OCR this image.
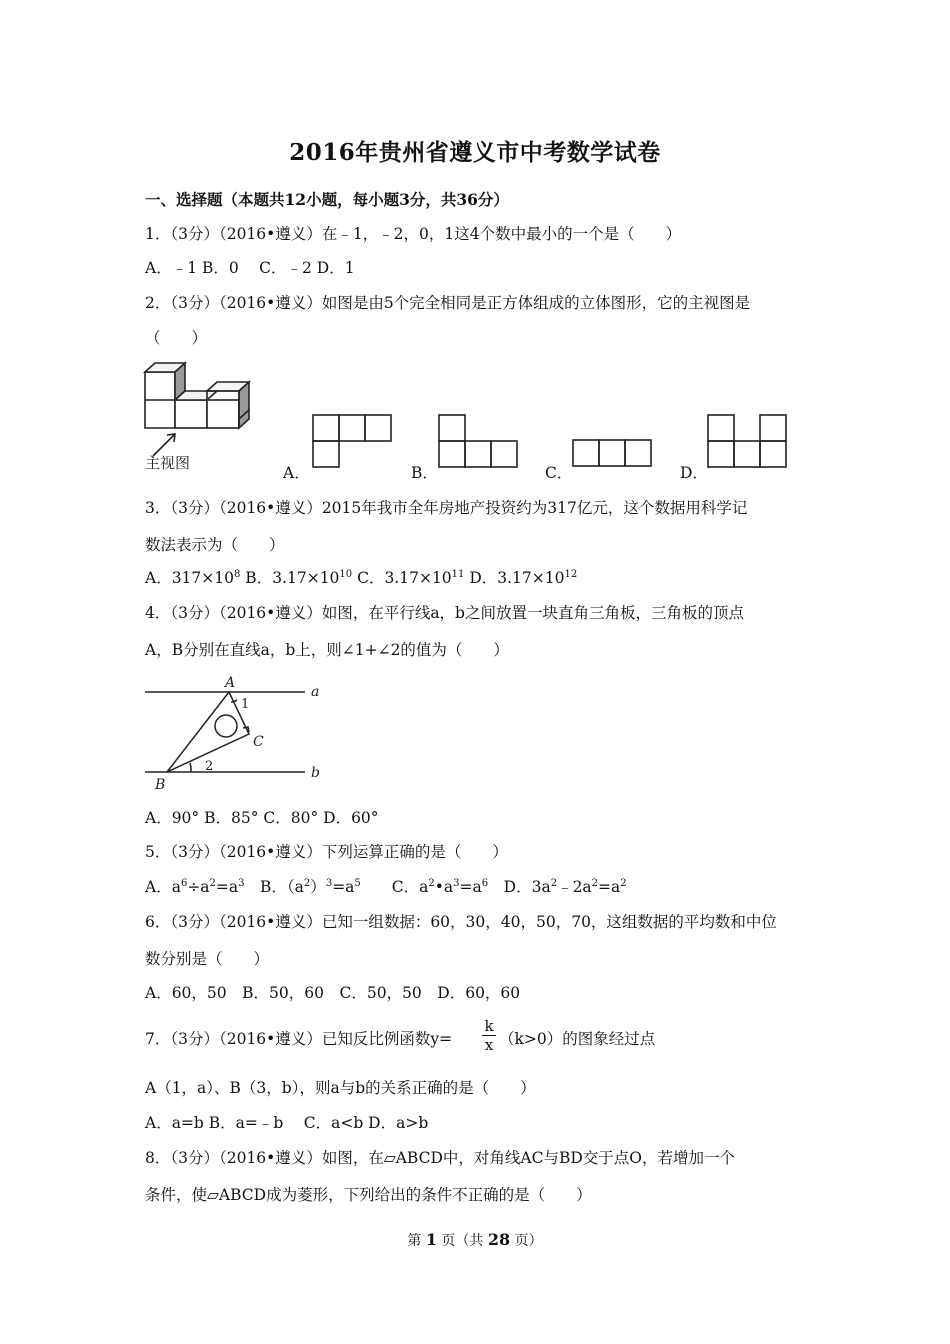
2016年贵州省遵义市中考数学试卷
一、选择题（本题共12小题，每小题3分，共36分）
1．（3分）（2016•遵义）在﹣1，﹣2，0，1这4个数中最小的一个是（　　）
A．﹣1 B．0　 C．﹣2 D．1
2．（3分）（2016•遵义）如图是由5个完全相同是正方体组成的立体图形，它的主视图是
（　　）
主视图
A．	B．	C．	D．
3．（3分）（2016•遵义）2015年我市全年房地产投资约为317亿元，这个数据用科学记
数法表示为（　　）
A．$317\times 10^8$ B．$3.17\times 10^{10}$ C．$3.17\times 10^{11}$ D．$3.17\times 10^{12}$
4．（3分）（2016•遵义）如图，在平行线a，b之间放置一块直角三角板，三角板的顶点
A，B分别在直线a，b上，则∠1+∠2的值为（　　）
A
B
C
a
b
1
2
A．90° B．85° C．80° D．60°
5．（3分）（2016•遵义）下列运算正确的是（　　）
A．$a^6\div a^2=a^3$　B．$(a^2)^3=a^5$　　C．$a^2•a^3=a^6$　D．$3a^2﹣2a^2=a^2$
6．（3分）（2016•遵义）已知一组数据：60，30，40，50，70，这组数据的平均数和中位
数分别是（　　）
A．60，50　B．50，60　C．50，50　D．60，60
7．（3分）（2016•遵义）已知反比例函数$y= \frac{k}{x} (k>0)$的图象经过点
A（1，a）、B（3，b），则a与b的关系正确的是（　　）
A．a=b B．a=﹣b　 C．a<b D．a>b
8．（3分）（2016•遵义）如图，在▱ABCD中，对角线AC与BD交于点O，若增加一个
条件，使▱ABCD成为菱形，下列给出的条件不正确的是（　　）
第 1 页（共 28 页）
